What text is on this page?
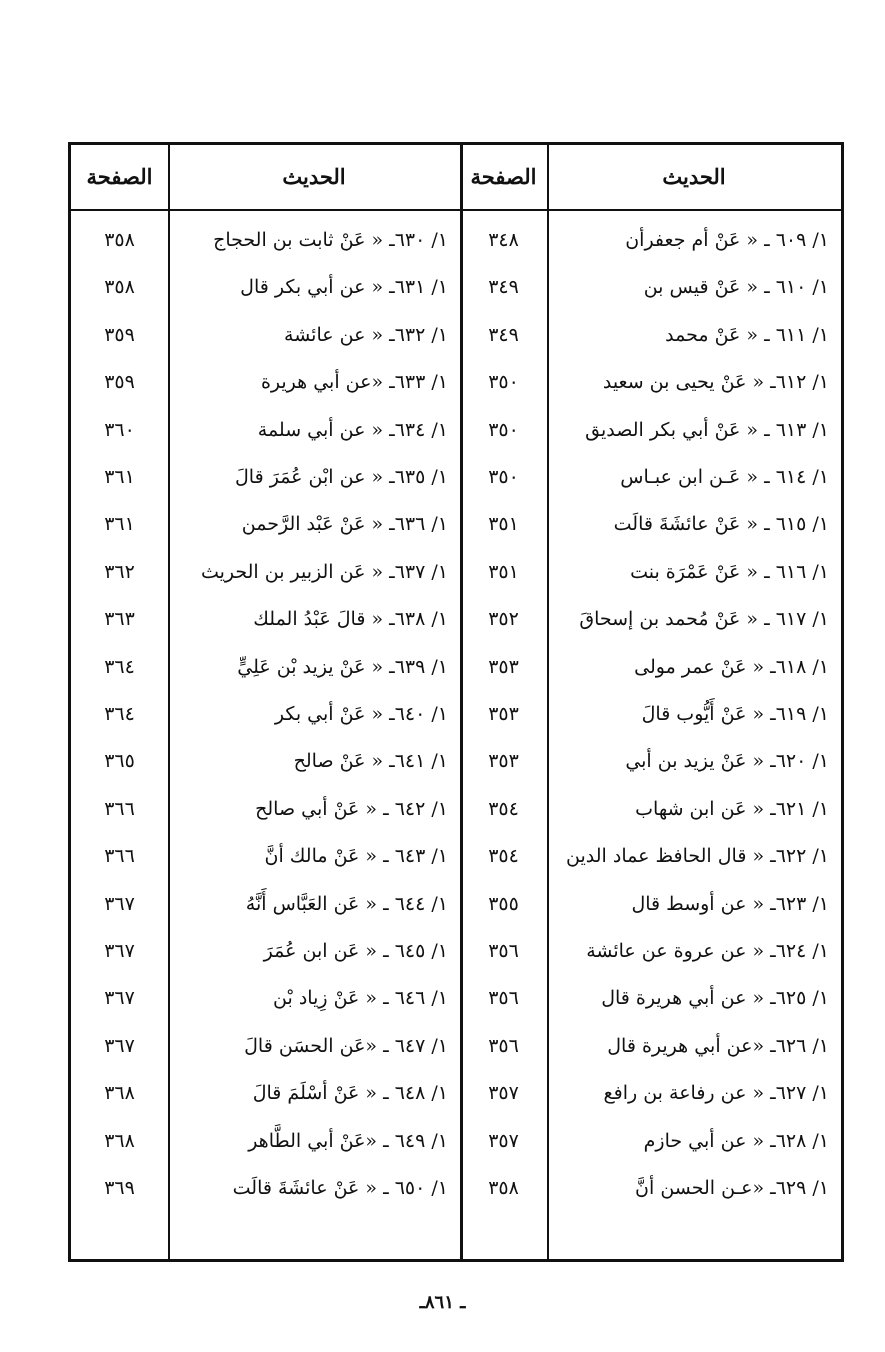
الحديث
الصفحة
الحديث
الصفحة
١/ ٦٠٩ ـ « عَنْ أم جعفرأن
٣٤٨
١/ ٦٣٠ـ « عَنْ ثابت بن الحجاج
٣٥٨
١/ ٦١٠ ـ « عَنْ قيس بن
٣٤٩
١/ ٦٣١ـ « عن أبي بكر قال
٣٥٨
١/ ٦١١ ـ « عَنْ محمد
٣٤٩
١/ ٦٣٢ـ « عن عائشة
٣٥٩
١/ ٦١٢ـ « عَنْ يحيى بن سعيد
٣٥٠
١/ ٦٣٣ـ «عن أبي هريرة
٣٥٩
١/ ٦١٣ ـ « عَنْ أبي بكر الصديق
٣٥٠
١/ ٦٣٤ـ « عن أبي سلمة
٣٦٠
١/ ٦١٤ ـ « عَـن ابن عبـاس
٣٥٠
١/ ٦٣٥ـ « عن ابْن عُمَرَ قالَ
٣٦١
١/ ٦١٥ ـ « عَنْ عائشَةَ قالَت
٣٥١
١/ ٦٣٦ـ « عَنْ عَبْد الرَّحمن
٣٦١
١/ ٦١٦ ـ « عَنْ عَمْرَة بنت
٣٥١
١/ ٦٣٧ـ « عَن الزبير بن الحريث
٣٦٢
١/ ٦١٧ ـ « عَنْ مُحمد بن إسحاقَ
٣٥٢
١/ ٦٣٨ـ « قالَ عَبْدُ الملك
٣٦٣
١/ ٦١٨ـ « عَنْ عمر مولى
٣٥٣
١/ ٦٣٩ـ « عَنْ يزيد بْن عَلِيٍّ
٣٦٤
١/ ٦١٩ـ « عَنْ أَيُّوب قالَ
٣٥٣
١/ ٦٤٠ـ « عَنْ أبي بكر
٣٦٤
١/ ٦٢٠ـ « عَنْ يزيد بن أبي
٣٥٣
١/ ٦٤١ـ « عَنْ صالح
٣٦٥
١/ ٦٢١ـ « عَن ابن شهاب
٣٥٤
١/ ٦٤٢ ـ « عَنْ أبي صالح
٣٦٦
١/ ٦٢٢ـ « قال الحافظ عماد الدين
٣٥٤
١/ ٦٤٣ ـ « عَنْ مالك أنَّ
٣٦٦
١/ ٦٢٣ـ « عن أوسط قال
٣٥٥
١/ ٦٤٤ ـ « عَن العَبَّاس أَنَّهُ
٣٦٧
١/ ٦٢٤ـ « عن عروة عن عائشة
٣٥٦
١/ ٦٤٥ ـ « عَن ابن عُمَرَ
٣٦٧
١/ ٦٢٥ـ « عن أبي هريرة قال
٣٥٦
١/ ٦٤٦ ـ « عَنْ زِياد بْن
٣٦٧
١/ ٦٢٦ـ «عن أبي هريرة قال
٣٥٦
١/ ٦٤٧ ـ «عَن الحسَن قالَ
٣٦٧
١/ ٦٢٧ـ « عن رفاعة بن رافع
٣٥٧
١/ ٦٤٨ ـ « عَنْ أسْلَمَ قالَ
٣٦٨
١/ ٦٢٨ـ « عن أبي حازم
٣٥٧
١/ ٦٤٩ ـ «عَنْ أبي الطَّاهر
٣٦٨
١/ ٦٢٩ـ «عـن الحسن أنَّ
٣٥٨
١/ ٦٥٠ ـ « عَنْ عائشَةَ قالَت
٣٦٩
ـ ٨٦١ـ
